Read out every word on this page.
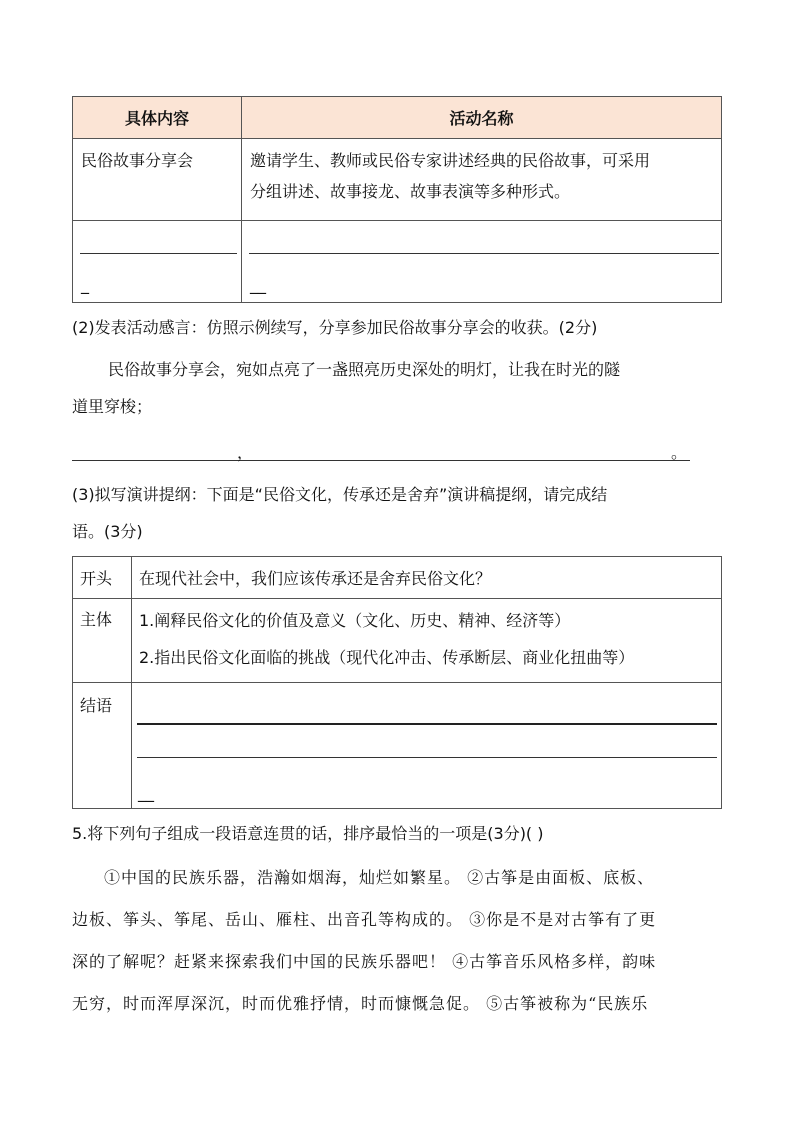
具体内容	活动名称

民俗故事分享会	邀请学生、教师或民俗专家讲述经典的民俗故事，可采用
分组讲述、故事接龙、故事表演等多种形式。

_	__
(2)发表活动感言：仿照示例续写，分享参加民俗故事分享会的收获。(2分)
民俗故事分享会，宛如点亮了一盏照亮历史深处的明灯，让我在时光的隧
道里穿梭；
，	。
(3)拟写演讲提纲：下面是“民俗文化，传承还是舍弃”演讲稿提纲，请完成结
语。(3分)
开头	在现代社会中，我们应该传承还是舍弃民俗文化？
主体	1.阐释民俗文化的价值及意义（文化、历史、精神、经济等）
2.指出民俗文化面临的挑战（现代化冲击、传承断层、商业化扭曲等）

结语	__
5.将下列句子组成一段语意连贯的话，排序最恰当的一项是(3分)( )
①中国的民族乐器，浩瀚如烟海，灿烂如繁星。 ②古筝是由面板、底板、
边板、筝头、筝尾、岳山、雁柱、出音孔等构成的。 ③你是不是对古筝有了更
深的了解呢？赶紧来探索我们中国的民族乐器吧！ ④古筝音乐风格多样，韵味
无穷，时而浑厚深沉，时而优雅抒情，时而慷慨急促。 ⑤古筝被称为“民族乐
